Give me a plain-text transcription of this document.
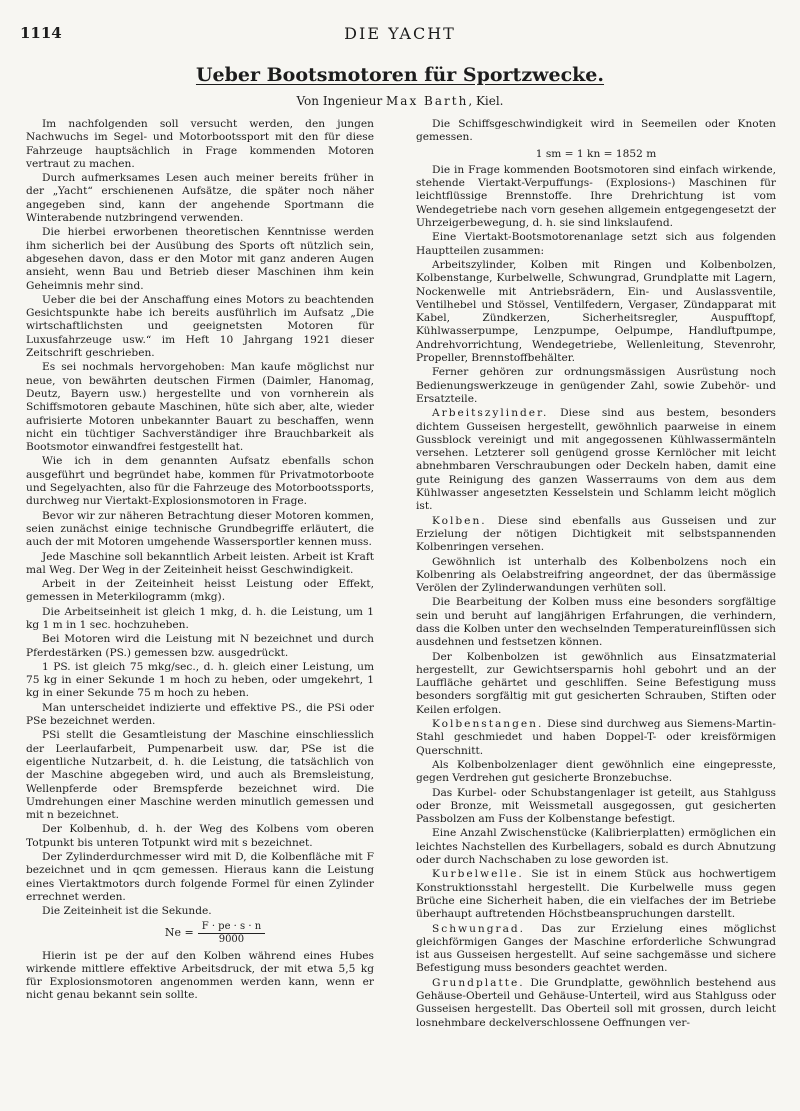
1114	DIE YACHT
Ueber Bootsmotoren für Sportzwecke.
Von Ingenieur Max Barth, Kiel.

Im nachfolgenden soll versucht werden, den jungen Nachwuchs im Segel- und Motorbootssport mit den für diese Fahrzeuge hauptsächlich in Frage kommenden Motoren vertraut zu machen.

Durch aufmerksames Lesen auch meiner bereits früher in der „Yacht“ erschienenen Aufsätze, die später noch näher angegeben sind, kann der angehende Sportmann die Winterabende nutzbringend verwenden.

Die hierbei erworbenen theoretischen Kenntnisse werden ihm sicherlich bei der Ausübung des Sports oft nützlich sein, abgesehen davon, dass er den Motor mit ganz anderen Augen ansieht, wenn Bau und Betrieb dieser Maschinen ihm kein Geheimnis mehr sind.

Ueber die bei der Anschaffung eines Motors zu beachtenden Gesichtspunkte habe ich bereits ausführlich im Aufsatz „Die wirtschaftlichsten und geeignetsten Motoren für Luxusfahrzeuge usw.“ im Heft 10 Jahrgang 1921 dieser Zeitschrift geschrieben.

Es sei nochmals hervorgehoben: Man kaufe möglichst nur neue, von bewährten deutschen Firmen (Daimler, Hanomag, Deutz, Bayern usw.) hergestellte und von vornherein als Schiffsmotoren gebaute Maschinen, hüte sich aber, alte, wieder aufrisierte Motoren unbekannter Bauart zu beschaffen, wenn nicht ein tüchtiger Sachverständiger ihre Brauchbarkeit als Bootsmotor einwandfrei festgestellt hat.

Wie ich in dem genannten Aufsatz ebenfalls schon ausgeführt und begründet habe, kommen für Privatmotorboote und Segelyachten, also für die Fahrzeuge des Motorbootssports, durchweg nur Viertakt-Explosionsmotoren in Frage.

Bevor wir zur näheren Betrachtung dieser Motoren kommen, seien zunächst einige technische Grundbegriffe erläutert, die auch der mit Motoren umgehende Wassersportler kennen muss.

Jede Maschine soll bekanntlich Arbeit leisten. Arbeit ist Kraft mal Weg. Der Weg in der Zeiteinheit heisst Geschwindigkeit.

Arbeit in der Zeiteinheit heisst Leistung oder Effekt, gemessen in Meterkilogramm (mkg).

Die Arbeitseinheit ist gleich 1 mkg, d. h. die Leistung, um 1 kg 1 m in 1 sec. hochzuheben.

Bei Motoren wird die Leistung mit N bezeichnet und durch Pferdestärken (PS.) gemessen bzw. ausgedrückt.

1 PS. ist gleich 75 mkg/sec., d. h. gleich einer Leistung, um 75 kg in einer Sekunde 1 m hoch zu heben, oder umgekehrt, 1 kg in einer Sekunde 75 m hoch zu heben.

Man unterscheidet indizierte und effektive PS., die PSi oder PSe bezeichnet werden.

PSi stellt die Gesamtleistung der Maschine einschliesslich der Leerlaufarbeit, Pumpenarbeit usw. dar, PSe ist die eigentliche Nutzarbeit, d. h. die Leistung, die tatsächlich von der Maschine abgegeben wird, und auch als Bremsleistung, Wellenpferde oder Bremspferde bezeichnet wird. Die Umdrehungen einer Maschine werden minutlich gemessen und mit n bezeichnet.

Der Kolbenhub, d. h. der Weg des Kolbens vom oberen Totpunkt bis unteren Totpunkt wird mit s bezeichnet.

Der Zylinderdurchmesser wird mit D, die Kolbenfläche mit F bezeichnet und in qcm gemessen. Hieraus kann die Leistung eines Viertaktmotors durch folgende Formel für einen Zylinder errechnet werden.

Die Zeiteinheit ist die Sekunde.

$Ne = \frac{F \cdot pe \cdot s \cdot n}{9000}$

Hierin ist pe der auf den Kolben während eines Hubes wirkende mittlere effektive Arbeitsdruck, der mit etwa 5,5 kg für Explosionsmotoren angenommen werden kann, wenn er nicht genau bekannt sein sollte.

Die Schiffsgeschwindigkeit wird in Seemeilen oder Knoten gemessen.

1 sm = 1 kn = 1852 m

Die in Frage kommenden Bootsmotoren sind einfach wirkende, stehende Viertakt-Verpuffungs- (Explosions-) Maschinen für leichtflüssige Brennstoffe. Ihre Drehrichtung ist vom Wendegetriebe nach vorn gesehen allgemein entgegengesetzt der Uhrzeigerbewegung, d. h. sie sind linkslaufend.

Eine Viertakt-Bootsmotorenanlage setzt sich aus folgenden Hauptteilen zusammen:

Arbeitszylinder, Kolben mit Ringen und Kolbenbolzen, Kolbenstange, Kurbelwelle, Schwungrad, Grundplatte mit Lagern, Nockenwelle mit Antriebsrädern, Ein- und Auslassventile, Ventilhebel und Stössel, Ventilfedern, Vergaser, Zündapparat mit Kabel, Zündkerzen, Sicherheitsregler, Auspufftopf, Kühlwasserpumpe, Lenzpumpe, Oelpumpe, Handluftpumpe, Andrehvorrichtung, Wendegetriebe, Wellenleitung, Stevenrohr, Propeller, Brennstoffbehälter.

Ferner gehören zur ordnungsmässigen Ausrüstung noch Bedienungswerkzeuge in genügender Zahl, sowie Zubehör- und Ersatzteile.

Arbeitszylinder. Diese sind aus bestem, besonders dichtem Gusseisen hergestellt, gewöhnlich paarweise in einem Gussblock vereinigt und mit angegossenen Kühlwassermänteln versehen. Letzterer soll genügend grosse Kernlöcher mit leicht abnehmbaren Verschraubungen oder Deckeln haben, damit eine gute Reinigung des ganzen Wasserraums von dem aus dem Kühlwasser angesetzten Kesselstein und Schlamm leicht möglich ist.

Kolben. Diese sind ebenfalls aus Gusseisen und zur Erzielung der nötigen Dichtigkeit mit selbstspannenden Kolbenringen versehen.

Gewöhnlich ist unterhalb des Kolbenbolzens noch ein Kolbenring als Oelabstreifring angeordnet, der das übermässige Verölen der Zylinderwandungen verhüten soll.

Die Bearbeitung der Kolben muss eine besonders sorgfältige sein und beruht auf langjährigen Erfahrungen, die verhindern, dass die Kolben unter den wechselnden Temperatureinflüssen sich ausdehnen und festsetzen können.

Der Kolbenbolzen ist gewöhnlich aus Einsatzmaterial hergestellt, zur Gewichtsersparnis hohl gebohrt und an der Lauffläche gehärtet und geschliffen. Seine Befestigung muss besonders sorgfältig mit gut gesicherten Schrauben, Stiften oder Keilen erfolgen.

Kolbenstangen. Diese sind durchweg aus Siemens-Martin-Stahl geschmiedet und haben Doppel-T- oder kreisförmigen Querschnitt.

Als Kolbenbolzenlager dient gewöhnlich eine eingepresste, gegen Verdrehen gut gesicherte Bronzebuchse.

Das Kurbel- oder Schubstangenlager ist geteilt, aus Stahlguss oder Bronze, mit Weissmetall ausgegossen, gut gesicherten Passbolzen am Fuss der Kolbenstange befestigt.

Eine Anzahl Zwischenstücke (Kalibrierplatten) ermöglichen ein leichtes Nachstellen des Kurbellagers, sobald es durch Abnutzung oder durch Nachschaben zu lose geworden ist.

Kurbelwelle. Sie ist in einem Stück aus hochwertigem Konstruktionsstahl hergestellt. Die Kurbelwelle muss gegen Brüche eine Sicherheit haben, die ein vielfaches der im Betriebe überhaupt auftretenden Höchstbeanspruchungen darstellt.

Schwungrad. Das zur Erzielung eines möglichst gleichförmigen Ganges der Maschine erforderliche Schwungrad ist aus Gusseisen hergestellt. Auf seine sachgemässe und sichere Befestigung muss besonders geachtet werden.

Grundplatte. Die Grundplatte, gewöhnlich bestehend aus Gehäuse-Oberteil und Gehäuse-Unterteil, wird aus Stahlguss oder Gusseisen hergestellt. Das Oberteil soll mit grossen, durch leicht losnehmbare deckelverschlossene Oeffnungen ver-
